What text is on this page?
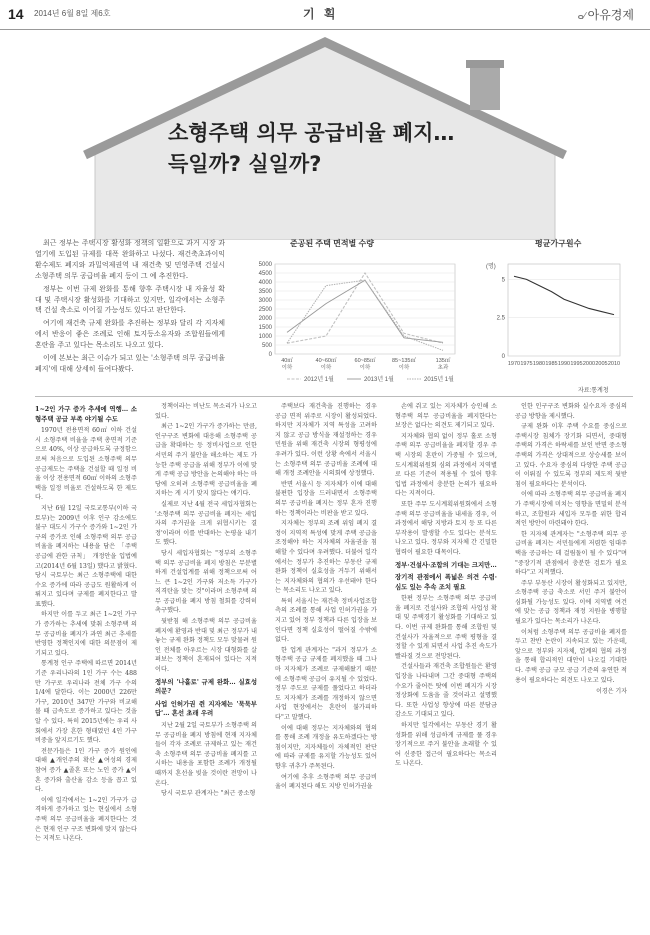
14 2014년 6월 8일 제6호	기 획	ⴰ∕ 아유경제
소형주택 의무 공급비율 폐지…
득일까? 실일까?

최근 정부는 주택시장 활성화 정책의 일환으로 과거 시장 과열기에 도입된 규제를 대폭 완화하고 나섰다. 재건축초과이익환수제도 폐지와 과밀억제권역 내 재건축 및 민영주택 건설시 소형주택 의무 공급비율 폐지 등이 그 예 추진한다.

정부는 이번 규제 완화를 통해 향후 주택시장 내 자율성 확대 및 주택시장 활성화를 기대하고 있지만, 일각에서는 소형주택 건설 축소로 이어질 가능성도 있다고 판단한다.

여기에 재건축 규제 완화를 추진하는 정부와 달리 각 지자체에서 반응이 좋은 조례로 인해 토지등소유자와 조합원들에게 혼란을 주고 있다는 목소리도 나오고 있다.

이에 본보는 최근 이슈가 되고 있는 '소형주택 의무 공급비율 폐지'에 대해 상세히 들여다봤다.

준공된 주택 면적별 수량
5000
4500
4000
3500
3000
2500
2000
1500
1000
500
0
40㎡
이하
40~60㎡
이하
60~85㎡
이하
85~135㎡
이하
135㎡
초과
2012년 1월	2013년 1월	2015년 1월
평균가구원수
(명)
5
2.5
0
1970 1975 1980 1985 1990 1995 2000 2005 2010
자료:통계청
1~2인 가구 증가 추세에 역행… 소형주택 공급 부족 야기될 수도

1970년 전용면적 60㎡ 이하 건설 시 소형주택 비율을 주택 총면적 기준으로 40%, 이상 공급하도록 규정함으로써 처음으로 도입된 소형주택 의무 공급제도는 주택을 건설할 때 일정 비율 이상 전용면적 60㎡ 이하의 소형주택을 일정 비율로 건설하도록 한 제도다.

지난 6월 12일 국토교통부(이하 국토부)는 2009년 이후 인구 감소에도 불구 대도시 가구수 증가와 1~2인 가구의 증가로 인해 소형주택 의무 공급비율을 폐지하는 내용을 담은 「주택 공급에 관한 규칙」 개정안을 입법예고(2014년 6월 13일) 했다고 밝혔다. 당시 국토부는 최근 소형주택에 대한 수요 증가에 따라 공급도 원활하게 이뤄지고 있다며 규제를 폐지한다고 발표했다.

하지만 이를 두고 최근 1~2인 가구가 증가하는 추세에 맞춰 소형주택 의무 공급비율 폐지가 과연 최근 추세를 반영한 정책인지에 대한 의문점이 제기되고 있다.

통계청 인구 주택에 따르면 2014년 기준 우리나라의 1인 가구 수는 488만 가구로 우리나라 전체 가구 수의 1/4에 달한다. 이는 2000년 226만 가구, 2010년 347만 가구와 비교해 볼 때 급속도로 증가하고 있다는 것을 알 수 있다. 특히 2015년에는 우리 사회에서 가장 흔한 형태였던 4인 가구 비중을 앞지르기도 했다.

전문가들은 1인 가구 증가 원인에 대해 ▲개인주의 확산 ▲여성의 경제 참여 증가 ▲졸혼 또는 노인 증가 ▲이혼 증가와 출산율 감소 등을 꼽고 있다.

이에 일각에서는 1~2인 가구가 급격하게 증가하고 있는 현실에서 소형주택 의무 공급비율을 폐지한다는 것은 현재 인구 구조 변화에 맞지 않는다는 지적도 나온다.

정책이라는 비난도 목소리가 나오고 있다.

최근 1~2인 가구가 증가하는 만큼, 인구구조 변화에 대응해 소형주택 공급을 확대하는 등 정비사업으로 인한 서민의 주거 불안을 해소하는 제도 가능한 주택 공급을 위해 정부가 이에 맞게 주택 공급 방안을 논의해야 하는 마당에 오히려 소형주택 공급비율을 폐지하는 게 시기 맞지 않다는 얘기다.

실제로 지난 4월 전국 세입자협회는 '소형주택 의무 공급비율 폐지는 세입자의 주거권을 크게 위협시키는 결정'이라며 이를 반대하는 논평을 내기도 했다.

당시 세입자협회는 "정부의 소형주택 의무 공급비율 폐지 방침은 무분별하게 건설업계를 위해 정책으로써 어느 큰 1~2인 가구와 저소득 가구가 직격탄을 맞는 것"이라며 소형주택 의무 공급비율 폐지 방침 철회를 강력히 촉구했다.

뒷받침 해 소형주택 의무 공급비율 폐지에 환영과 반대 및 최근 정부가 내놓는 규제 완화 정책도 모두 맞물려 원인 전체를 아우르는 시장 대형화를 살펴보는 정책이 혼재되어 있다는 지적이다.

정부의 '나홀로' 규제 완화… 실효성 의문?
사업 인허가권 쥔 지자체는 '묵묵부답'… 혼선 초래 우려

지난 2월 2일 국토부가 소형주택 의무 공급비율 폐지 방침에 현재 지자체들이 각자 조례로 규제하고 있는 재건축 소형주택 의무 공급비율 폐지를 고시하는 내용을 포함한 조례가 개정될 때까지 혼선을 빚을 것이란 전망이 나온다.

당시 국토부 관계자는 "최근 중소형

주택보다 재건축을 진행하는 경우 공급 면적 위주로 시장이 활성되었다. 하지만 지자체가 지역 특성을 고려하지 않고 공급 방식을 재설정하는 경우 민원을 위해 재건축 시장의 형평성에 우려가 있다. 이런 상황 속에서 서울시는 소형주택 의무 공급비율 조례에 대해 개정 조례안을 시의회에 상정했다.

반면 서울시 등 지자체가 이에 대해 불편한 입장을 드러내면서 소형주택 의무 공급비율 폐지는 정부 혼자 진행하는 정책이라는 비판을 받고 있다.

지자체는 정부의 조례 위임 폐지 결정이 지역적 특성에 맞게 주택 공급을 조정해야 하는 지자체의 자율권을 침해할 수 있다며 우려했다. 더불어 일각에서는 정부가 추진하는 부동산 규제 완화 정책이 실효성을 거두기 위해서는 지자체와의 협의가 우선돼야 한다는 목소리도 나오고 있다.

특히 서울시는 재건축 정비사업조합 측의 조례를 통해 사업 인허가권을 가지고 있어 정부 정책과 다른 입장을 보인다면 정책 실효성이 떨어질 수밖에 없다.

한 업계 관계자는 "과거 정부가 소형주택 공급 규제를 폐지했을 때 그나마 지자체가 조례로 규제해왔기 때문에 소형주택 공급이 유지될 수 있었다. 정부 주도로 규제를 풀었다고 하더라도 지자체가 조례를 개정하지 않으면 사업 현장에서는 혼란이 불가피하다"고 말했다.

이에 대해 정부는 지자체와의 협의를 통해 조례 개정을 유도하겠다는 방침이지만, 지자체들이 자체적인 판단에 따라 규제를 유지할 가능성도 있어 향후 귀추가 주목된다.

여기에 추후 소형주택 의무 공급비율이 폐지된다 해도 지방 인허가권을

손에 쥐고 있는 지자체가 승인해 소형주택 의무 공급비율을 폐지한다는 보장은 없다는 의견도 제기되고 있다.

지자체와 협의 없이 정부 홀로 소형주택 의무 공급비율을 폐지할 경우 주택 시장의 혼란이 가중될 수 있으며, 도시계획위원회 심의 과정에서 지역별로 다른 기준이 적용될 수 있어 향후 입법 과정에서 충분한 논의가 필요하다는 지적이다.

또한 주무 도시계획위원회에서 소형주택 의무 공급비율을 내세울 경우, 이 과정에서 해당 지방과 토지 등 또 다른 부작용이 발생할 수도 있다는 분석도 나오고 있다. 정부와 지자체 간 긴밀한 협력이 필요한 대목이다.

정부·건설사·조합의 기대는 크지만…
장기적 관점에서 폭넓은 의견 수렴·심도 있는 추속 조치 필요

한편 정부는 소형주택 의무 공급비율 폐지로 건설사와 조합의 사업성 확대 및 주택경기 활성화를 기대하고 있다. 이번 규제 완화를 통해 조합원 및 건설사가 자율적으로 주택 평형을 결정할 수 있게 되면서 사업 추진 속도가 빨라질 것으로 전망된다.

건설사들과 재건축 조합원들은 환영 입장을 나타내며 그간 중대형 주택의 수요가 줄어든 탓에 이번 폐지가 시장 정상화에 도움을 줄 것이라고 설명했다. 또한 사업성 향상에 따른 분담금 감소도 기대되고 있다.

하지만 일각에서는 부동산 경기 활성화를 위해 성급하게 규제를 풀 경우 장기적으로 주거 불안을 초래할 수 있어 신중한 접근이 필요하다는 목소리도 나온다.

인한 인구구조 변화와 실수요자 중심의 공급 방향을 제시했다.

규제 완화 이후 주택 수요를 중심으로 주택시장 침체가 장기화 되면서, 중대형 주택의 가격은 하락세를 보인 반면 중소형 주택의 가격은 상대적으로 상승세를 보이고 있다. 수요자 중심의 다양한 주택 공급이 이뤄질 수 있도록 정부의 제도적 뒷받침이 필요하다는 분석이다.

이에 따라 소형주택 의무 공급비율 폐지가 주택시장에 미치는 영향을 면밀히 분석하고, 조합원과 세입자 모두를 위한 합리적인 방안이 마련돼야 한다.

한 지자체 관계자는 "소형주택 의무 공급비율 폐지는 서민들에게 저렴한 임대주택을 공급하는 데 걸림돌이 될 수 있다"며 "중장기적 관점에서 충분한 검토가 필요하다"고 지적했다.

주부 부동산 시장이 활성화되고 있지만, 소형주택 공급 축소로 서민 주거 불안이 심화될 가능성도 있다. 이에 지역별 여건에 맞는 공급 정책과 재정 지원을 병행할 필요가 있다는 목소리가 나온다.

이처럼 소형주택 의무 공급비율 폐지를 두고 찬반 논란이 지속되고 있는 가운데, 앞으로 정부와 지자체, 업계의 협의 과정을 통해 합리적인 대안이 나오길 기대한다. 주택 공급 규모 공급 기준의 유연한 적용이 필요하다는 의견도 나오고 있다.

이경은 기자
